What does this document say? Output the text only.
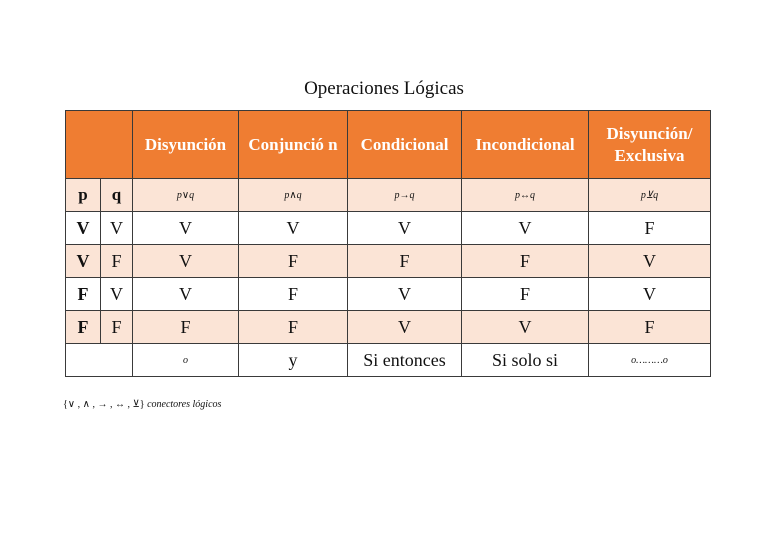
Operaciones Lógicas
		Disyunción	Conjunció n	Condicional	Incondicional	Disyunción/ Exclusiva
p	q	p∨q	p∧q	p→q	p↔q	p⊻q
V	V	V	V	V	V	F
V	F	V	F	F	F	V
F	V	V	F	V	F	V
F	F	F	F	V	V	F
		o	y	Si entonces	Si solo si	o………o
{∨ , ∧ , → , ↔ , ⊻} conectores lógicos
